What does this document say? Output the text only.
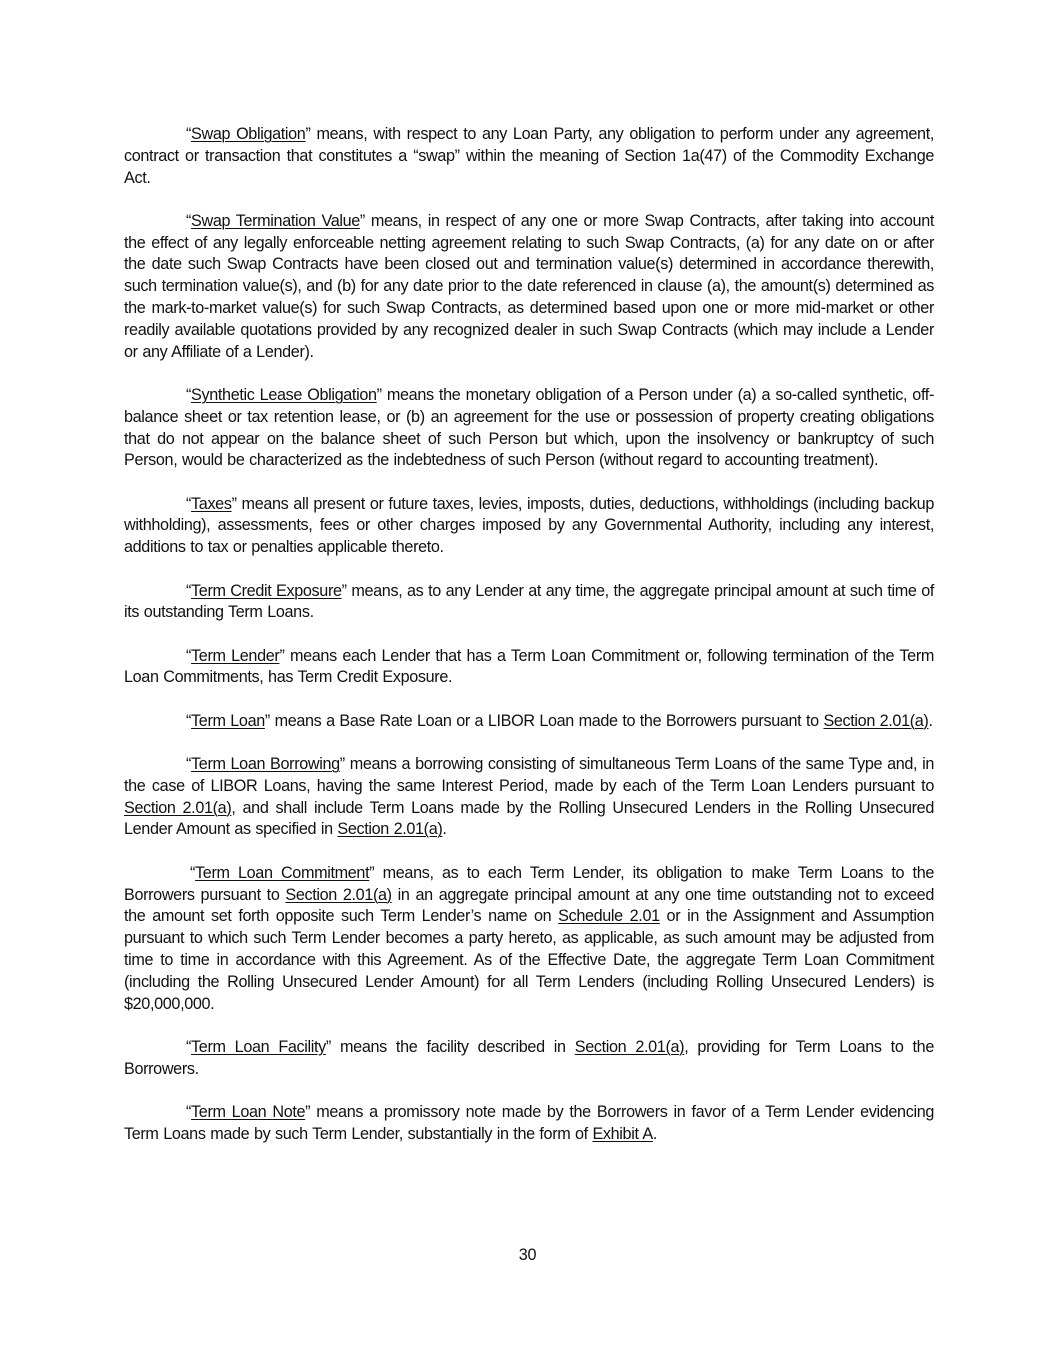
“Swap Obligation” means, with respect to any Loan Party, any obligation to perform under any agreement, contract or transaction that constitutes a “swap” within the meaning of Section 1a(47) of the Commodity Exchange Act.

“Swap Termination Value” means, in respect of any one or more Swap Contracts, after taking into account the effect of any legally enforceable netting agreement relating to such Swap Contracts, (a) for any date on or after the date such Swap Contracts have been closed out and termination value(s) determined in accordance therewith, such termination value(s), and (b) for any date prior to the date referenced in clause (a), the amount(s) determined as the mark-to-market value(s) for such Swap Contracts, as determined based upon one or more mid-market or other readily available quotations provided by any recognized dealer in such Swap Contracts (which may include a Lender or any Affiliate of a Lender).

“Synthetic Lease Obligation” means the monetary obligation of a Person under (a) a so-called synthetic, off-balance sheet or tax retention lease, or (b) an agreement for the use or possession of property creating obligations that do not appear on the balance sheet of such Person but which, upon the insolvency or bankruptcy of such Person, would be characterized as the indebtedness of such Person (without regard to accounting treatment).

“Taxes” means all present or future taxes, levies, imposts, duties, deductions, withholdings (including backup withholding), assessments, fees or other charges imposed by any Governmental Authority, including any interest, additions to tax or penalties applicable thereto.

“Term Credit Exposure” means, as to any Lender at any time, the aggregate principal amount at such time of its outstanding Term Loans.

“Term Lender” means each Lender that has a Term Loan Commitment or, following termination of the Term Loan Commitments, has Term Credit Exposure.

“Term Loan” means a Base Rate Loan or a LIBOR Loan made to the Borrowers pursuant to Section 2.01(a).

“Term Loan Borrowing” means a borrowing consisting of simultaneous Term Loans of the same Type and, in the case of LIBOR Loans, having the same Interest Period, made by each of the Term Loan Lenders pursuant to Section 2.01(a), and shall include Term Loans made by the Rolling Unsecured Lenders in the Rolling Unsecured Lender Amount as specified in Section 2.01(a).

“Term Loan Commitment” means, as to each Term Lender, its obligation to make Term Loans to the Borrowers pursuant to Section 2.01(a) in an aggregate principal amount at any one time outstanding not to exceed the amount set forth opposite such Term Lender’s name on Schedule 2.01 or in the Assignment and Assumption pursuant to which such Term Lender becomes a party hereto, as applicable, as such amount may be adjusted from time to time in accordance with this Agreement. As of the Effective Date, the aggregate Term Loan Commitment (including the Rolling Unsecured Lender Amount) for all Term Lenders (including Rolling Unsecured Lenders) is $20,000,000.

“Term Loan Facility” means the facility described in Section 2.01(a), providing for Term Loans to the Borrowers.

“Term Loan Note” means a promissory note made by the Borrowers in favor of a Term Lender evidencing Term Loans made by such Term Lender, substantially in the form of Exhibit A.

30
